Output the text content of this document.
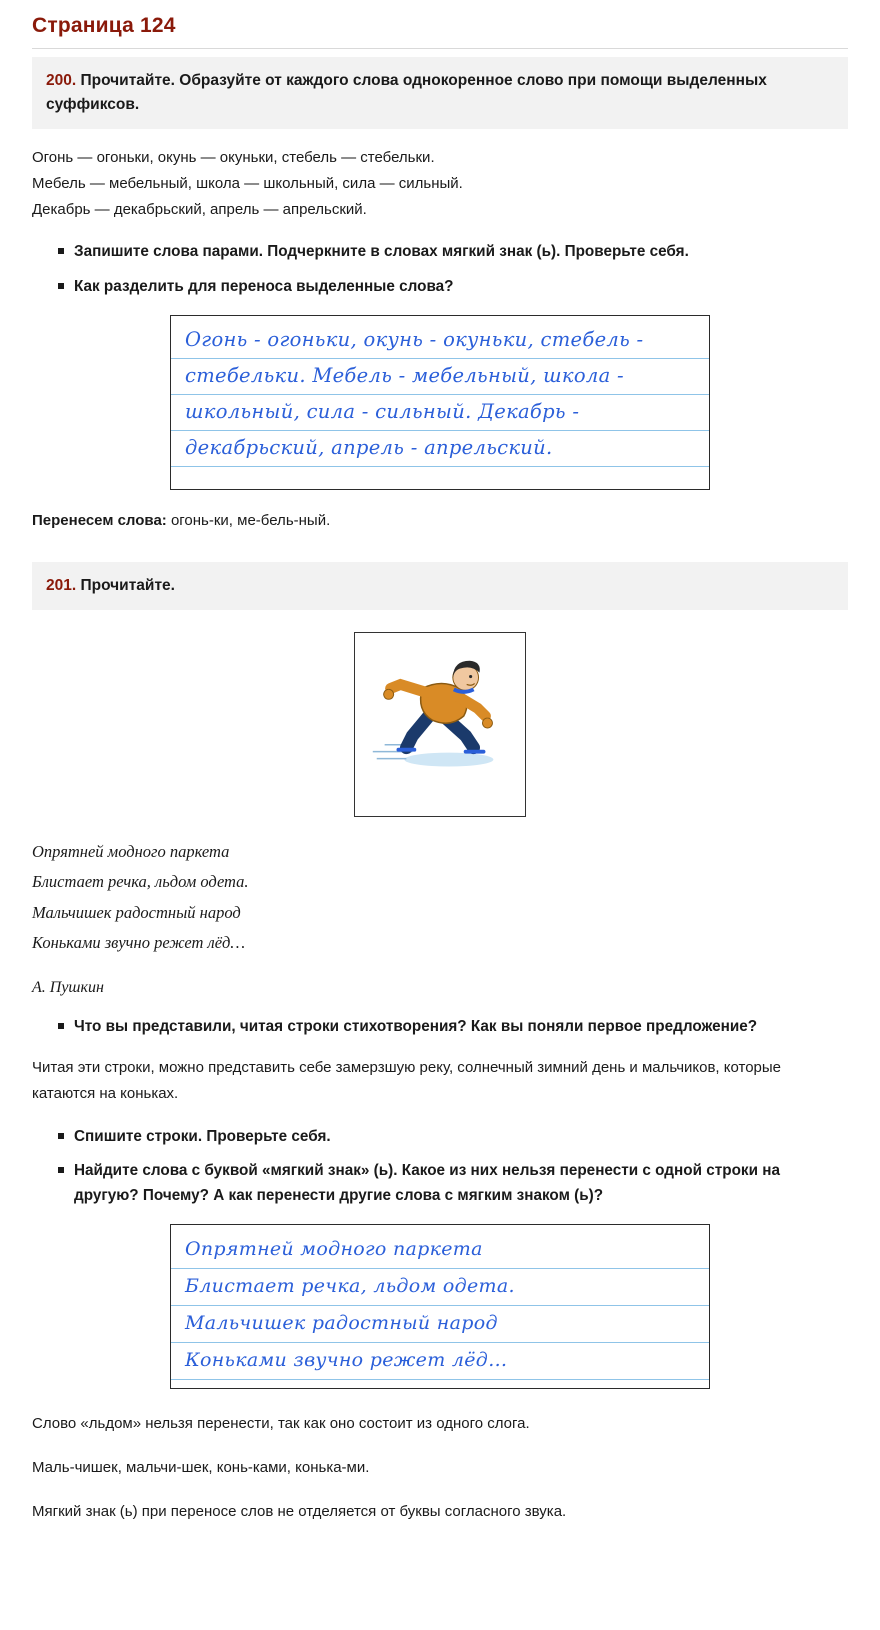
Страница 124
200. Прочитайте. Образуйте от каждого слова однокоренное слово при помощи выделенных суффиксов.

Огонь — огоньки, окунь — окуньки, стебель — стебельки.

Мебель — мебельный, школа — школьный, сила — сильный.

Декабрь — декабрьский, апрель — апрельский.

Запишите слова парами. Подчеркните в словах мягкий знак (ь). Проверьте себя.
Как разделить для переноса выделенные слова?
Огонь - огоньки, окунь - окуньки, стебель -
стебельки. Мебель - мебельный, школа -
школьный, сила - сильный. Декабрь -
декабрьский, апрель - апрельский.

Перенесем слова: огонь-ки, ме-бель-ный.

201. Прочитайте.
Опрятней модного паркета
Блистает речка, льдом одета.
Мальчишек радостный народ
Коньками звучно режет лёд…
А. Пушкин
Что вы представили, читая строки стихотворения? Как вы поняли первое предложение?

Читая эти строки, можно представить себе замерзшую реку, солнечный зимний день и мальчиков, которые катаются на коньках.

Спишите строки. Проверьте себя.
Найдите слова с буквой «мягкий знак» (ь). Какое из них нельзя перенести с одной строки на другую? Почему? А как перенести другие слова с мягким знаком (ь)?
Опрятней модного паркета
Блистает речка, льдом одета.
Мальчишек радостный народ
Коньками звучно режет лёд…

Слово «льдом» нельзя перенести, так как оно состоит из одного слога.

Маль-чишек, мальчи-шек, конь-ками, конька-ми.

Мягкий знак (ь) при переносе слов не отделяется от буквы согласного звука.
